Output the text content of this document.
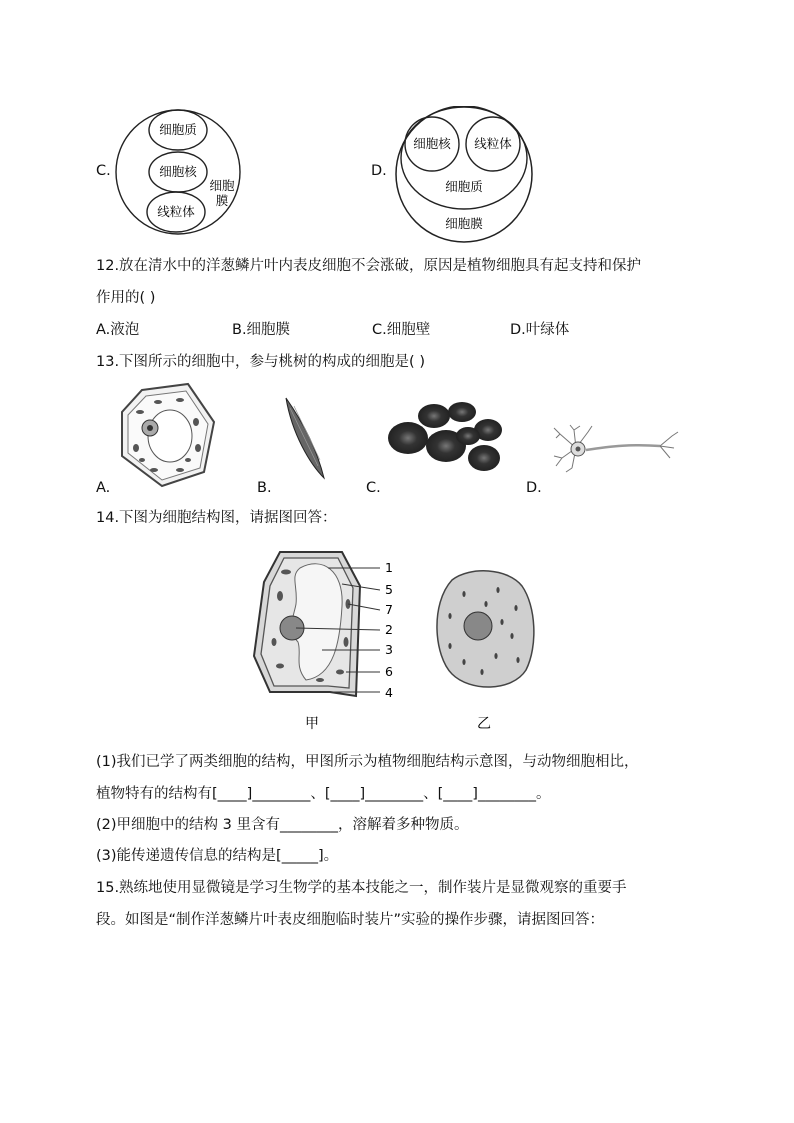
C.
细胞质
细胞核
线粒体
细胞
膜
D.
细胞核 线粒体
细胞质
细胞膜
12.放在清水中的洋葱鳞片叶内表皮细胞不会涨破，原因是植物细胞具有起支持和保护
作用的( )
A.液泡	B.细胞膜	C.细胞壁	D.叶绿体
13.下图所示的细胞中，参与桃树的构成的细胞是( )
A.	B.	C.	D.
14.下图为细胞结构图，请据图回答：
1
5
7
2
3
6
4
甲	乙
(1)我们已学了两类细胞的结构，甲图所示为植物细胞结构示意图，与动物细胞相比，
植物特有的结构有[____]________、[____]________、[____]________。
(2)甲细胞中的结构 3 里含有________，溶解着多种物质。
(3)能传递遗传信息的结构是[_____]。
15.熟练地使用显微镜是学习生物学的基本技能之一，制作装片是显微观察的重要手
段。如图是“制作洋葱鳞片叶表皮细胞临时装片”实验的操作步骤，请据图回答：
